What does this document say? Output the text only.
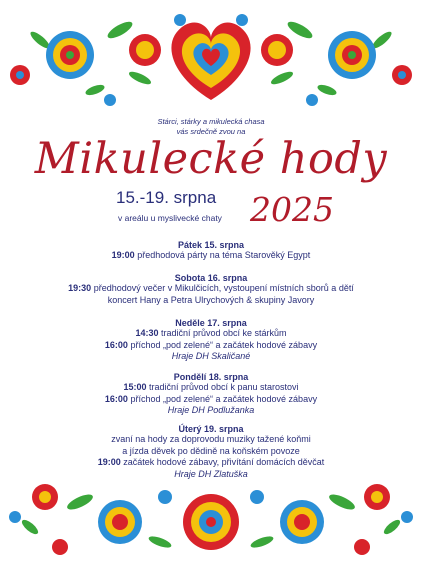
Stárci, stárky a mikulecká chasa
vás srdečně zvou na
Mikulecké hody
15.-19. srpna 2025
v areálu u myslivecké chaty
Pátek 15. srpna
19:00 předhodová párty na téma Starověký Egypt
Sobota 16. srpna
19:30 předhodový večer v Mikulčicích, vystoupení místních sborů a dětí
koncert Hany a Petra Ulrychových & skupiny Javory
Neděle 17. srpna
14:30 tradiční průvod obcí ke stárkům
16:00 příchod „pod zelené“ a začátek hodové zábavy
Hraje DH Skaličané
Pondělí 18. srpna
15:00 tradiční průvod obcí k panu starostovi
16:00 příchod „pod zelené“ a začátek hodové zábavy
Hraje DH Podlužanka
Úterý 19. srpna
zvaní na hody za doprovodu muziky tažené koňmi
a jízda děvek po dědině na koňském povoze
19:00 začátek hodové zábavy, přivítání domácích děvčat
Hraje DH Zlatuška
